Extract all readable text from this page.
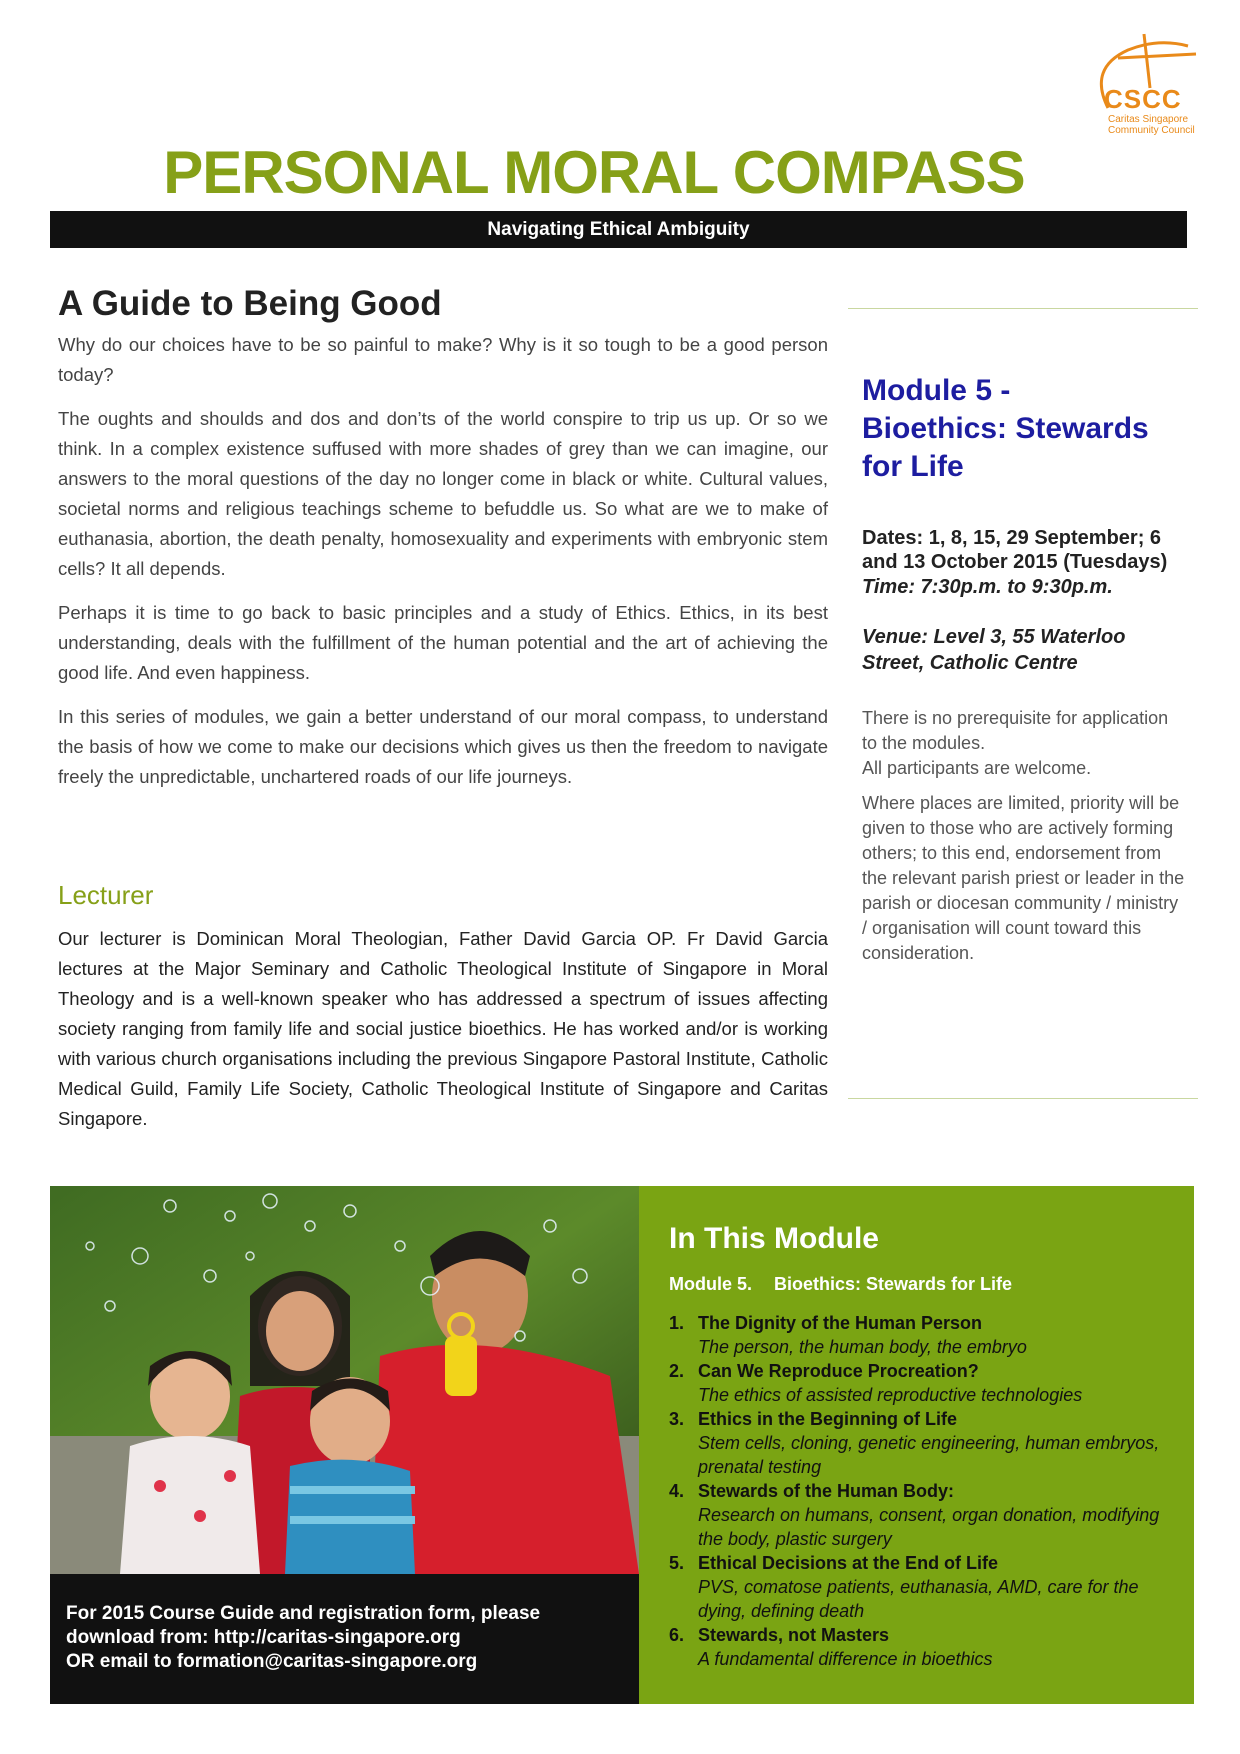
CSCC
Caritas Singapore
Community Council
PERSONAL MORAL COMPASS
Navigating Ethical Ambiguity
A Guide to Being Good

Why do our choices have to be so painful to make? Why is it so tough to be a good person today?

The oughts and shoulds and dos and don’ts of the world conspire to trip us up. Or so we think. In a complex existence suffused with more shades of grey than we can imagine, our answers to the moral questions of the day no longer come in black or white. Cultural values, societal norms and religious teachings scheme to befuddle us. So what are we to make of euthanasia, abortion, the death penalty, homosexuality and experiments with embryonic stem cells? It all depends.

Perhaps it is time to go back to basic principles and a study of Ethics. Ethics, in its best understanding, deals with the fulfillment of the human potential and the art of achieving the good life. And even happiness.

In this series of modules, we gain a better understand of our moral compass, to understand the basis of how we come to make our decisions which gives us then the freedom to navigate freely the unpredictable, unchartered roads of our life journeys.

Lecturer
Our lecturer is Dominican Moral Theologian, Father David Garcia OP. Fr David Garcia lectures at the Major Seminary and Catholic Theological Institute of Singapore in Moral Theology and is a well-known speaker who has addressed a spectrum of issues affecting society ranging from family life and social justice bioethics. He has worked and/or is working with various church organisations including the previous Singapore Pastoral Institute, Catholic Medical Guild, Family Life Society, Catholic Theological Institute of Singapore and Caritas Singapore.
Module 5 -
Bioethics: Stewards for Life
Dates: 1, 8, 15, 29 September; 6 and 13 October 2015 (Tuesdays)
Time: 7:30p.m. to 9:30p.m.
Venue: Level 3, 55 Waterloo Street, Catholic Centre

There is no prerequisite for application to the modules.

All participants are welcome.

Where places are limited, priority will be given to those who are actively forming others; to this end, endorsement from the relevant parish priest or leader in the parish or diocesan community / ministry / organisation will count toward this consideration.

For 2015 Course Guide and registration form, please
download from: http://caritas-singapore.org
OR email to formation@caritas-singapore.org
In This Module
Module 5. Bioethics: Stewards for Life
1. The Dignity of the Human Person
The person, the human body, the embryo
2. Can We Reproduce Procreation?
The ethics of assisted reproductive technologies
3. Ethics in the Beginning of Life
Stem cells, cloning, genetic engineering, human embryos, prenatal testing
4. Stewards of the Human Body:
Research on humans, consent, organ donation, modifying the body, plastic surgery
5. Ethical Decisions at the End of Life
PVS, comatose patients, euthanasia, AMD, care for the dying, defining death
6. Stewards, not Masters
A fundamental difference in bioethics
